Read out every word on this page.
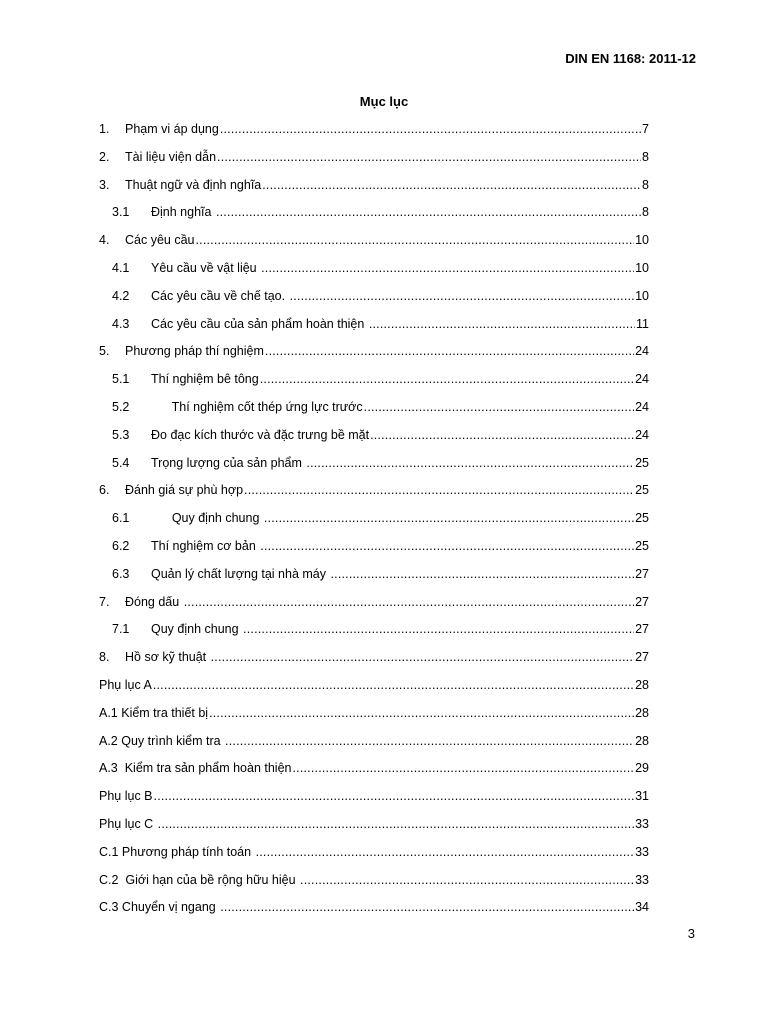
DIN EN 1168: 2011-12
Mục lục
1.	Phạm vi áp dụng .....	7
2.	Tài liệu viện dẫn .....	8
3.	Thuật ngữ và định nghĩa .....	8
3.1	Định nghĩa .....	8
4.	Các yêu cầu .....	10
4.1	Yêu cầu về vật liệu .....	10
4.2	Các yêu cầu về chế tạo. .....	10
4.3	Các yêu cầu của sản phẩm hoàn thiện .....	11
5.	Phương pháp thí nghiệm .....	24
5.1	Thí nghiệm bê tông .....	24
5.2	Thí nghiệm cốt thép ứng lực trước .....	24
5.3	Đo đạc kích thước và đặc trưng bề mặt .....	24
5.4	Trọng lượng của sản phẩm .....	25
6.	Đánh giá sự phù hợp .....	25
6.1	Quy định chung .....	25
6.2	Thí nghiệm cơ bản .....	25
6.3	Quản lý chất lượng tại nhà máy .....	27
7.	Đóng dấu .....	27
7.1	Quy định chung .....	27
8.	Hồ sơ kỹ thuật .....	27
Phụ lục A .....	28
A.1 Kiểm tra thiết bị .....	28
A.2 Quy trình kiểm tra .....	28
A.3  Kiểm tra sản phẩm hoàn thiện .....	29
Phụ lục B .....	31
Phụ lục C .....	33
C.1 Phương pháp tính toán .....	33
C.2  Giới hạn của bề rộng hữu hiệu .....	33
C.3 Chuyển vị ngang .....	34
3
